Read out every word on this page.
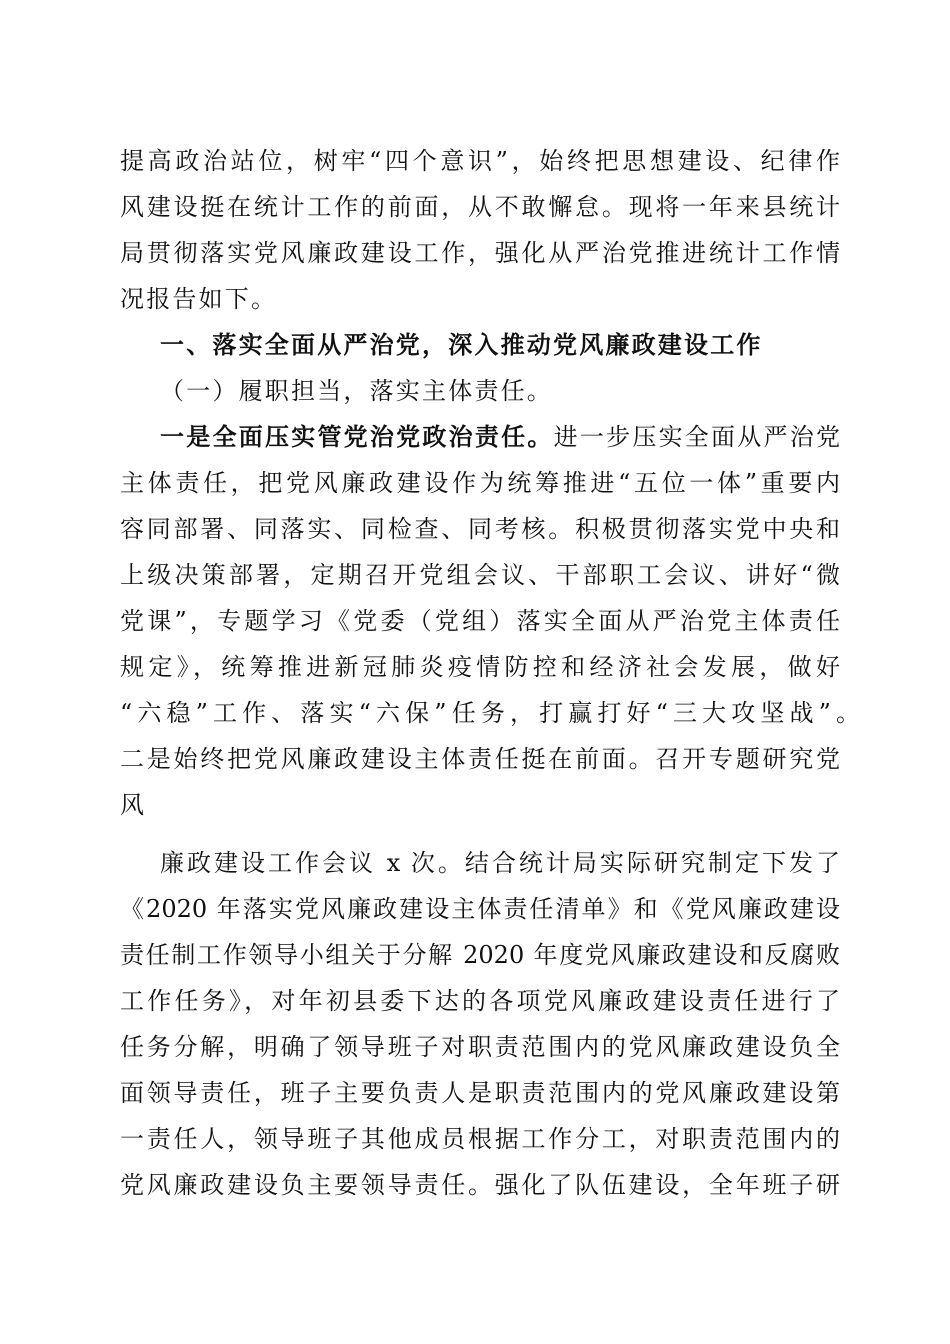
提高政治站位，树牢“四个意识”，始终把思想建设、纪律作
风建设挺在统计工作的前面，从不敢懈怠。现将一年来县统计
局贯彻落实党风廉政建设工作，强化从严治党推进统计工作情
况报告如下。
一、落实全面从严治党，深入推动党风廉政建设工作
（一）履职担当，落实主体责任。
一是全面压实管党治党政治责任。进一步压实全面从严治党
主体责任，把党风廉政建设作为统筹推进“五位一体”重要内
容同部署、同落实、同检查、同考核。积极贯彻落实党中央和
上级决策部署，定期召开党组会议、干部职工会议、讲好“微
党课”，专题学习《党委（党组）落实全面从严治党主体责任
规定》，统筹推进新冠肺炎疫情防控和经济社会发展，做好
“六稳”工作、落实“六保”任务，打赢打好“三大攻坚战”。
二是始终把党风廉政建设主体责任挺在前面。召开专题研究党
风
廉政建设工作会议 x 次。结合统计局实际研究制定下发了
《2020 年落实党风廉政建设主体责任清单》和《党风廉政建设
责任制工作领导小组关于分解 2020 年度党风廉政建设和反腐败
工作任务》，对年初县委下达的各项党风廉政建设责任进行了
任务分解，明确了领导班子对职责范围内的党风廉政建设负全
面领导责任，班子主要负责人是职责范围内的党风廉政建设第
一责任人，领导班子其他成员根据工作分工，对职责范围内的
党风廉政建设负主要领导责任。强化了队伍建设，全年班子研
